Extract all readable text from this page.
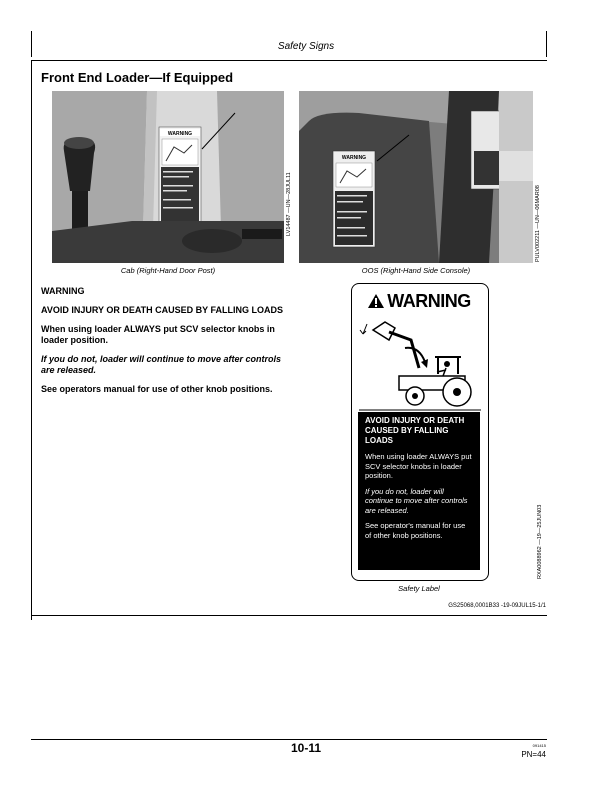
Safety Signs
Front End Loader—If Equipped
WARNING
LV14487 —UN—28JUL11
Cab (Right-Hand Door Post)
WARNING
PULV002211 —UN—06MAR08
OOS (Right-Hand Side Console)

WARNING

AVOID INJURY OR DEATH CAUSED BY FALLING LOADS

When using loader ALWAYS put SCV selector knobs in loader position.

If you do not, loader will continue to move after controls are released.

See operators manual for use of other knob positions.

WARNING
AVOID INJURY OR DEATH CAUSED BY FALLING LOADS
When using loader ALWAYS put SCV selector knobs in loader position.
If you do not, loader will continue to move after controls are released.
See operator's manual for use of other knob positions.	RXA0088962 —19—25JUN03
Safety Label
GS25068,0001B33 -19-09JUL15-1/1
10-11	091415
PN=44
